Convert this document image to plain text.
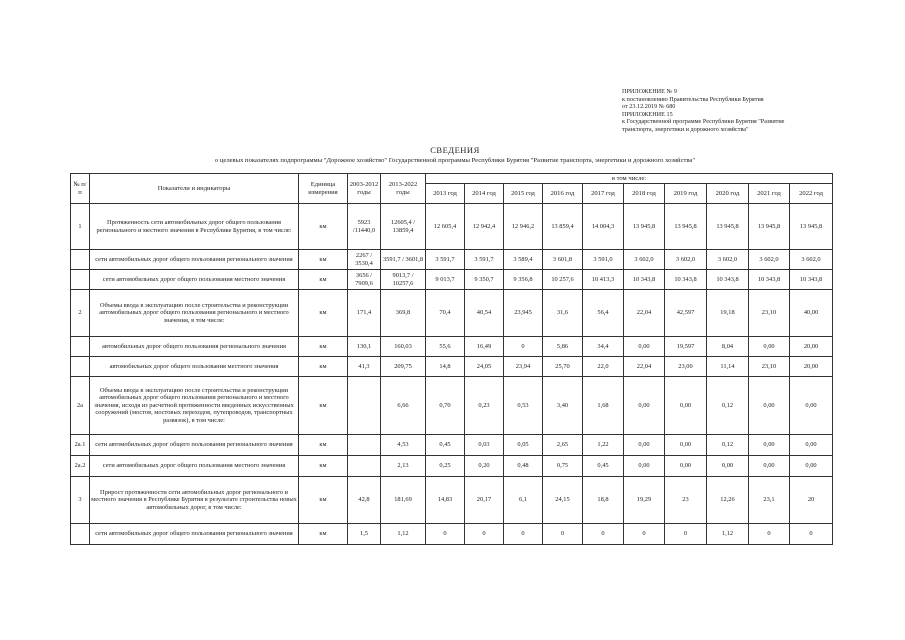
ПРИЛОЖЕНИЕ № 9
к постановлению Правительства Республики Бурятия
от 23.12.2019 № 680
ПРИЛОЖЕНИЕ 15
к Государственной программе Республики Бурятия "Развитие
транспорта, энергетики и дорожного хозяйства"
СВЕДЕНИЯ
о целевых показателях подпрограммы "Дорожное хозяйство" Государственной программы Республики Бурятия "Развитие транспорта, энергетики и дорожного хозяйства"
№ п/п	Показатели и индикаторы	Единица измерения	2003-2012 годы	2013-2022 годы	в том числе:									
					2013 год	2014 год	2015 год	2016 год	2017 год	2018 год	2019 год	2020 год	2021 год	2022 год
1	Протяженность сети автомобильных дорог общего пользования регионального и местного значения в Республике Бурятия, в том числе:	км	5923 /11440,0	12605,4 / 13859,4	12 605,4	12 942,4	12 946,2	13 859,4	14 004,3	13 945,8	13 945,8	13 945,8	13 945,8	13 945,8
	сети автомобильных дорог общего пользования регионального значения	км	2267 / 3530,4	3591,7 / 3601,8	3 591,7	3 591,7	3 589,4	3 601,8	3 591,0	3 602,0	3 602,0	3 602,0	3 602,0	3 602,0
	сети автомобильных дорог общего пользования местного значения	км	3656 / 7909,6	9013,7 / 10257,6	9 013,7	9 350,7	9 356,8	10 257,6	10 413,3	10 343,8	10 343,8	10 343,8	10 343,8	10 343,8
2	Объемы ввода в эксплуатацию после строительства и реконструкции автомобильных дорог общего пользования регионального и местного значения, в том числе:	км	171,4	369,8	70,4	40,54	23,945	31,6	56,4	22,04	42,597	19,18	23,10	40,00
	автомобильных дорог общего пользования регионального значения	км	130,1	160,03	55,6	16,49	0	5,86	34,4	0,00	19,597	8,04	0,00	20,00
	автомобильных дорог общего пользования местного значения	км	41,3	209,75	14,8	24,05	23,94	25,70	22,0	22,04	23,00	11,14	23,10	20,00
2а	Объемы ввода в эксплуатацию после строительства и реконструкции автомобильных дорог общего пользования регионального и местного значения, исходя из расчетной протяженности введенных искусственных сооружений (мостов, мостовых переходов, путепроводов, транспортных развязок), в том числе:	км		6,66	0,70	0,23	0,53	3,40	1,68	0,00	0,00	0,12	0,00	0,00
2а.1	сети автомобильных дорог общего пользования регионального значения	км		4,53	0,45	0,03	0,05	2,65	1,22	0,00	0,00	0,12	0,00	0,00
2а.2	сети автомобильных дорог общего пользования местного значения	км		2,13	0,25	0,20	0,48	0,75	0,45	0,00	0,00	0,00	0,00	0,00
3	Прирост протяженности сети автомобильных дорог регионального и местного значения в Республике Бурятия в результате строительства новых автомобильных дорог, в том числе:	км	42,8	181,69	14,83	20,17	6,1	24,15	18,8	19,29	23	12,26	23,1	20
	сети автомобильных дорог общего пользования регионального значения	км	1,5	1,12	0	0	0	0	0	0	0	1,12	0	0
